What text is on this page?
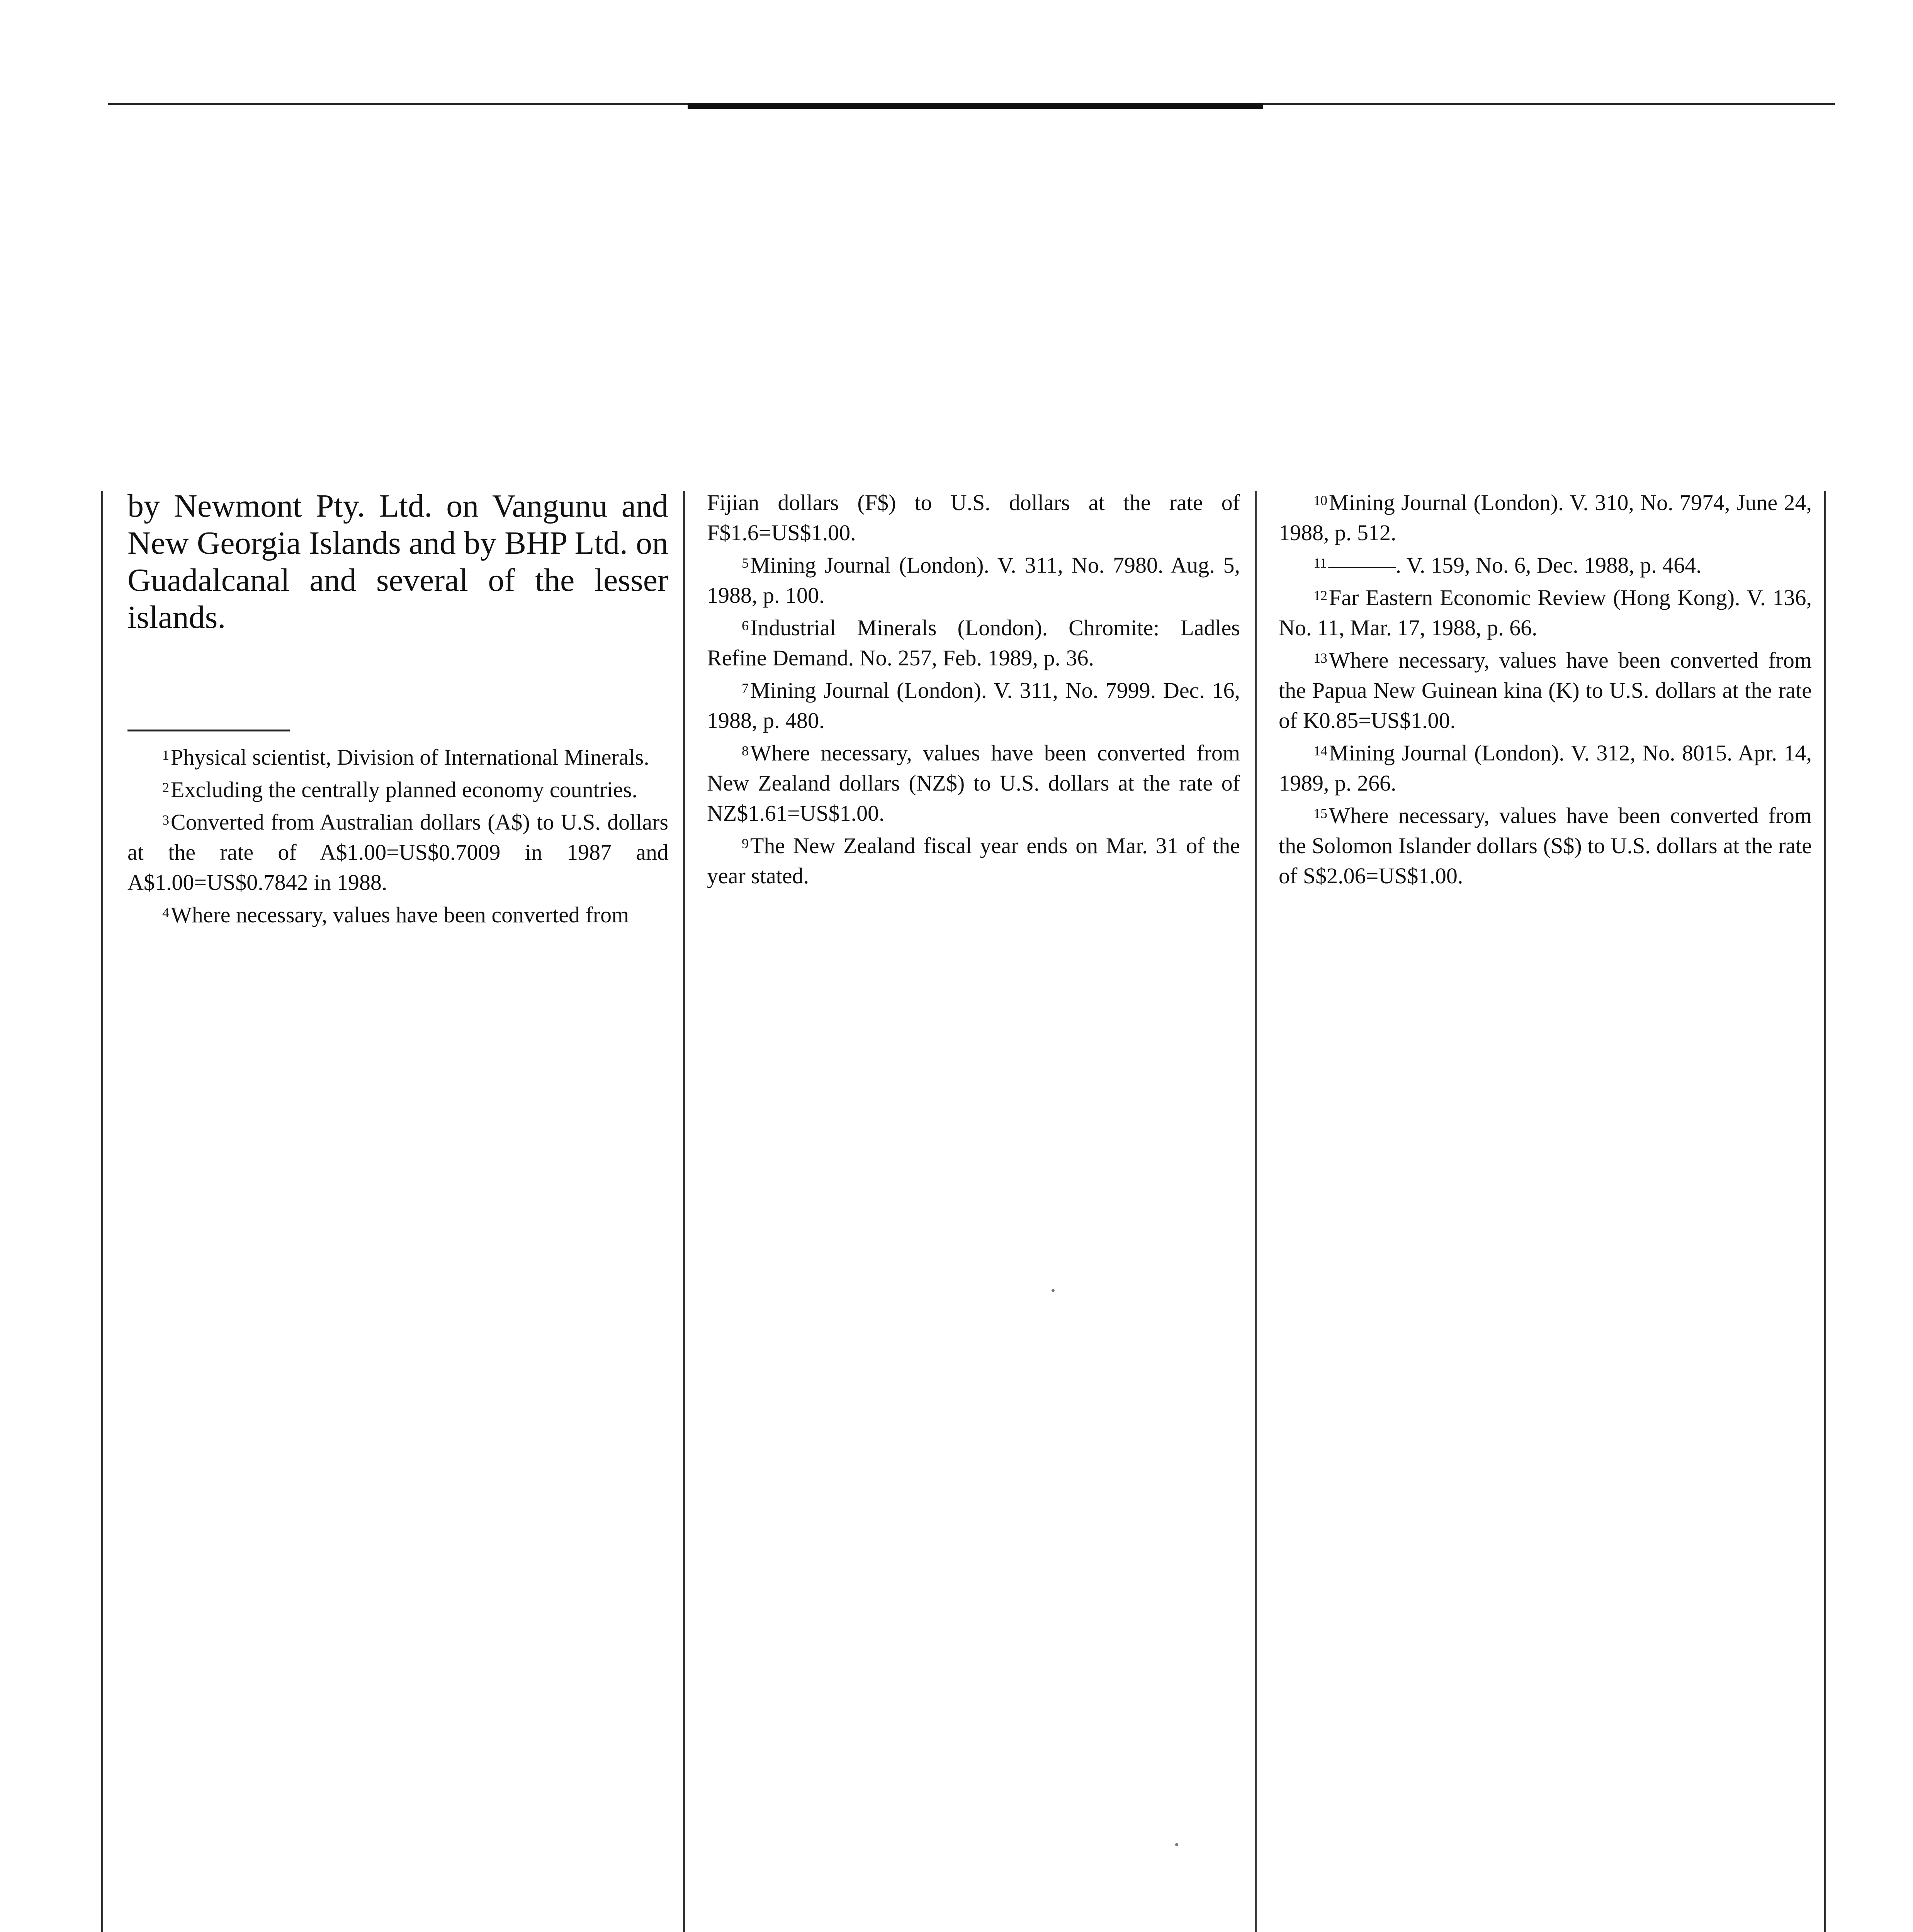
by Newmont Pty. Ltd. on Vangunu and New Georgia Islands and by BHP Ltd. on Guadalcanal and several of the lesser islands.

$^1$Physical scientist, Division of International Minerals.

$^2$Excluding the centrally planned economy countries.

$^3$Converted from Australian dollars (A$) to U.S. dollars at the rate of A$1.00=US$0.7009 in 1987 and A$1.00=US$0.7842 in 1988.

$^4$Where necessary, values have been converted from

Fijian dollars (F$) to U.S. dollars at the rate of F$1.6=US$1.00.

$^5$Mining Journal (London). V. 311, No. 7980. Aug. 5, 1988, p. 100.

$^6$Industrial Minerals (London). Chromite: Ladles Refine Demand. No. 257, Feb. 1989, p. 36.

$^7$Mining Journal (London). V. 311, No. 7999. Dec. 16, 1988, p. 480.

$^8$Where necessary, values have been converted from New Zealand dollars (NZ$) to U.S. dollars at the rate of NZ$1.61=US$1.00.

$^9$The New Zealand fiscal year ends on Mar. 31 of the year stated.

$^{10}$Mining Journal (London). V. 310, No. 7974, June 24, 1988, p. 512.

$^{11}$———. V. 159, No. 6, Dec. 1988, p. 464.

$^{12}$Far Eastern Economic Review (Hong Kong). V. 136, No. 11, Mar. 17, 1988, p. 66.

$^{13}$Where necessary, values have been converted from the Papua New Guinean kina (K) to U.S. dollars at the rate of K0.85=US$1.00.

$^{14}$Mining Journal (London). V. 312, No. 8015. Apr. 14, 1989, p. 266.

$^{15}$Where necessary, values have been converted from the Solomon Islander dollars (S$) to U.S. dollars at the rate of S$2.06=US$1.00.
